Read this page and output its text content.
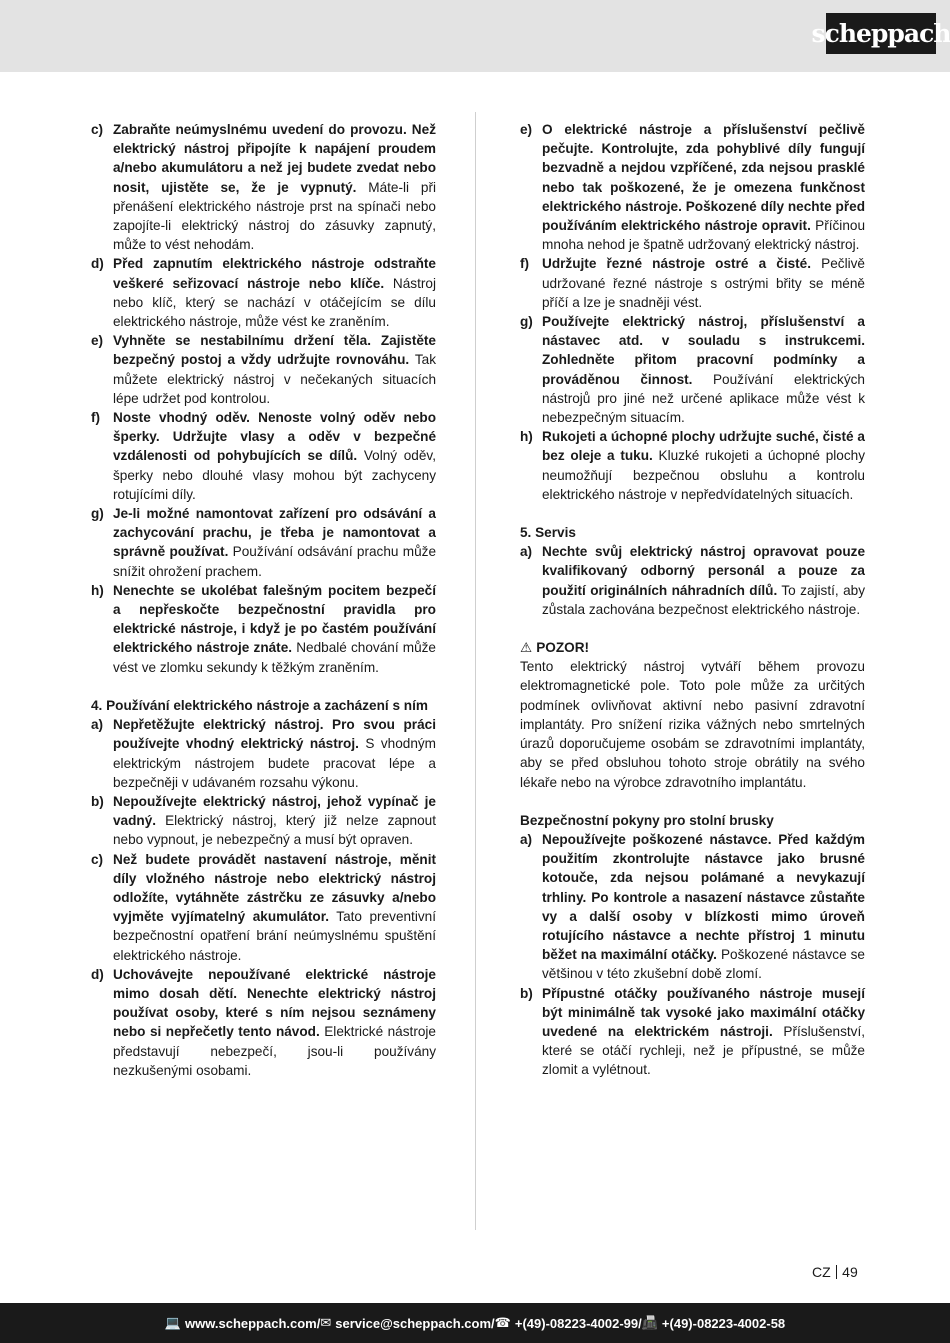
scheppach
c) Zabraňte neúmyslnému uvedení do provozu. Než elektrický nástroj připojíte k napájení proudem a/nebo akumulátoru a než jej budete zvedat nebo nosit, ujistěte se, že je vypnutý. Máte-li při přenášení elektrického nástroje prst na spínači nebo zapojíte-li elektrický nástroj do zásuvky zapnutý, může to vést nehodám.
d) Před zapnutím elektrického nástroje odstraňte veškeré seřizovací nástroje nebo klíče. Nástroj nebo klíč, který se nachází v otáčejícím se dílu elektrického nástroje, může vést ke zraněním.
e) Vyhněte se nestabilnímu držení těla. Zajistěte bezpečný postoj a vždy udržujte rovnováhu. Tak můžete elektrický nástroj v nečekaných situacích lépe udržet pod kontrolou.
f) Noste vhodný oděv. Nenoste volný oděv nebo šperky. Udržujte vlasy a oděv v bezpečné vzdálenosti od pohybujících se dílů. Volný oděv, šperky nebo dlouhé vlasy mohou být zachyceny rotujícími díly.
g) Je-li možné namontovat zařízení pro odsávání a zachycování prachu, je třeba je namontovat a správně používat. Používání odsávání prachu může snížit ohrožení prachem.
h) Nenechte se ukolébat falešným pocitem bezpečí a nepřeskočte bezpečnostní pravidla pro elektrické nástroje, i když je po častém používání elektrického nástroje znáte. Nedbalé chování může vést ve zlomku sekundy k těžkým zraněním.
4. Používání elektrického nástroje a zacházení s ním
a) Nepřetěžujte elektrický nástroj. Pro svou práci používejte vhodný elektrický nástroj. S vhodným elektrickým nástrojem budete pracovat lépe a bezpečněji v udávaném rozsahu výkonu.
b) Nepoužívejte elektrický nástroj, jehož vypínač je vadný. Elektrický nástroj, který již nelze zapnout nebo vypnout, je nebezpečný a musí být opraven.
c) Než budete provádět nastavení nástroje, měnit díly vložného nástroje nebo elektrický nástroj odložíte, vytáhněte zástrčku ze zásuvky a/nebo vyjměte vyjímatelný akumulátor. Tato preventivní bezpečnostní opatření brání neúmyslnému spuštění elektrického nástroje.
d) Uchovávejte nepoužívané elektrické nástroje mimo dosah dětí. Nenechte elektrický nástroj používat osoby, které s ním nejsou seznámeny nebo si nepřečetly tento návod. Elektrické nástroje představují nebezpečí, jsou-li používány nezkušenými osobami.
e) O elektrické nástroje a příslušenství pečlivě pečujte. Kontrolujte, zda pohyblivé díly fungují bezvadně a nejdou vzpříčené, zda nejsou prasklé nebo tak poškozené, že je omezena funkčnost elektrického nástroje. Poškozené díly nechte před používáním elektrického nástroje opravit. Příčinou mnoha nehod je špatně udržovaný elektrický nástroj.
f) Udržujte řezné nástroje ostré a čisté. Pečlivě udržované řezné nástroje s ostrými břity se méně příčí a lze je snadněji vést.
g) Používejte elektrický nástroj, příslušenství a nástavec atd. v souladu s instrukcemi. Zohledněte přitom pracovní podmínky a prováděnou činnost. Používání elektrických nástrojů pro jiné než určené aplikace může vést k nebezpečným situacím.
h) Rukojeti a úchopné plochy udržujte suché, čisté a bez oleje a tuku. Kluzké rukojeti a úchopné plochy neumožňují bezpečnou obsluhu a kontrolu elektrického nástroje v nepředvídatelných situacích.
5. Servis
a) Nechte svůj elektrický nástroj opravovat pouze kvalifikovaný odborný personál a pouze za použití originálních náhradních dílů. To zajistí, aby zůstala zachována bezpečnost elektrického nástroje.
⚠ POZOR!
Tento elektrický nástroj vytváří během provozu elektromagnetické pole. Toto pole může za určitých podmínek ovlivňovat aktivní nebo pasivní zdravotní implantáty. Pro snížení rizika vážných nebo smrtelných úrazů doporučujeme osobám se zdravotními implantáty, aby se před obsluhou tohoto stroje obrátily na svého lékaře nebo na výrobce zdravotního implantátu.
Bezpečnostní pokyny pro stolní brusky
a) Nepoužívejte poškozené nástavce. Před každým použitím zkontrolujte nástavce jako brusné kotouče, zda nejsou polámané a nevykazují trhliny. Po kontrole a nasazení nástavce zůstaňte vy a další osoby v blízkosti mimo úroveň rotujícího nástavce a nechte přístroj 1 minutu běžet na maximální otáčky. Poškozené nástavce se většinou v této zkušební době zlomí.
b) Přípustné otáčky používaného nástroje musejí být minimálně tak vysoké jako maximální otáčky uvedené na elektrickém nástroji. Příslušenství, které se otáčí rychleji, než je přípustné, se může zlomit a vylétnout.
CZ 49
💻 www.scheppach.com / ✉ service@scheppach.com / ☎ +(49)-08223-4002-99 / 📠 +(49)-08223-4002-58
